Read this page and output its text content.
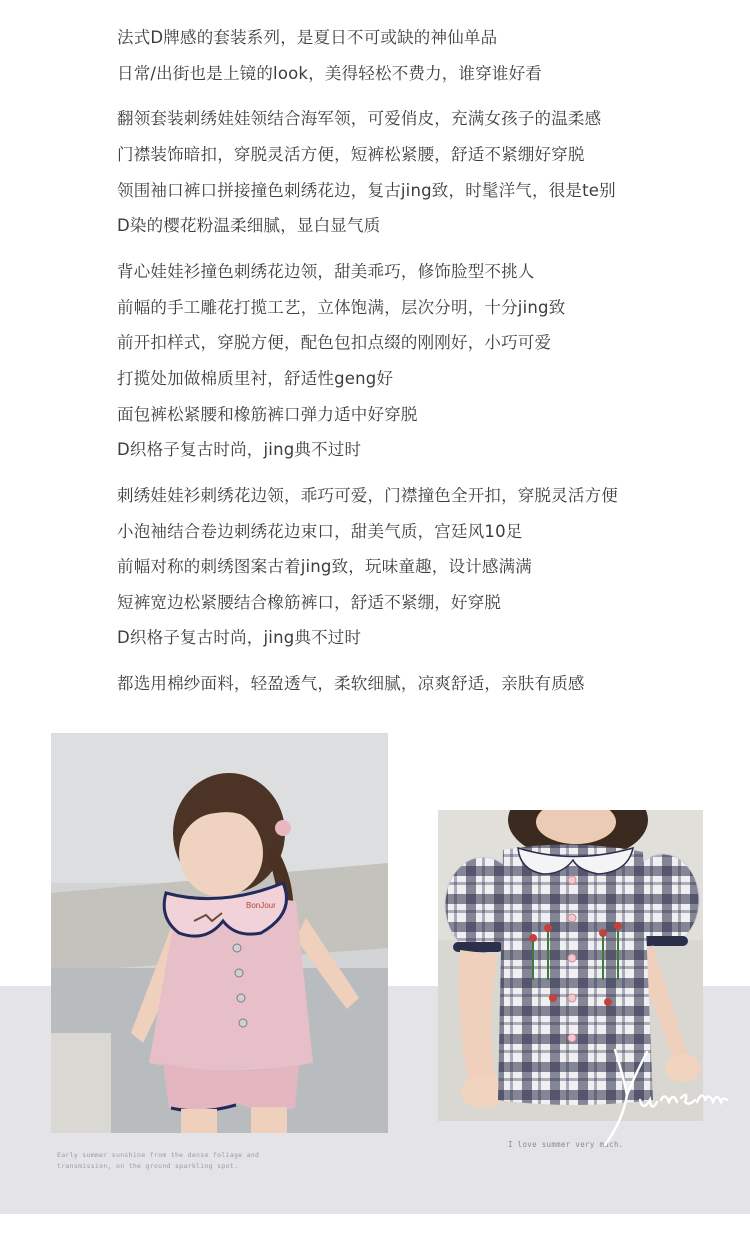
法式D牌感的套装系列，是夏日不可或缺的神仙单品
日常/出街也是上镜的look，美得轻松不费力，谁穿谁好看
翻领套装刺绣娃娃领结合海军领，可爱俏皮，充满女孩子的温柔感
门襟装饰暗扣，穿脱灵活方便，短裤松紧腰，舒适不紧绷好穿脱
领围袖口裤口拼接撞色刺绣花边，复古jing致，时髦洋气，很是te别
D染的樱花粉温柔细腻，显白显气质
背心娃娃衫撞色刺绣花边领，甜美乖巧，修饰脸型不挑人
前幅的手工雕花打揽工艺，立体饱满，层次分明，十分jing致
前开扣样式，穿脱方便，配色包扣点缀的刚刚好，小巧可爱
打揽处加做棉质里衬，舒适性geng好
面包裤松紧腰和橡筋裤口弹力适中好穿脱
D织格子复古时尚，jing典不过时
刺绣娃娃衫刺绣花边领，乖巧可爱，门襟撞色全开扣，穿脱灵活方便
小泡袖结合卷边刺绣花边束口，甜美气质，宫廷风10足
前幅对称的刺绣图案古着jing致，玩味童趣，设计感满满
短裤宽边松紧腰结合橡筋裤口，舒适不紧绷，好穿脱
D织格子复古时尚，jing典不过时
都选用棉纱面料，轻盈透气，柔软细腻，凉爽舒适，亲肤有质感
BonJour
Early summer sunshine from the dense foliage and transmission, on the ground sparkling spot.
I love summer very much.
